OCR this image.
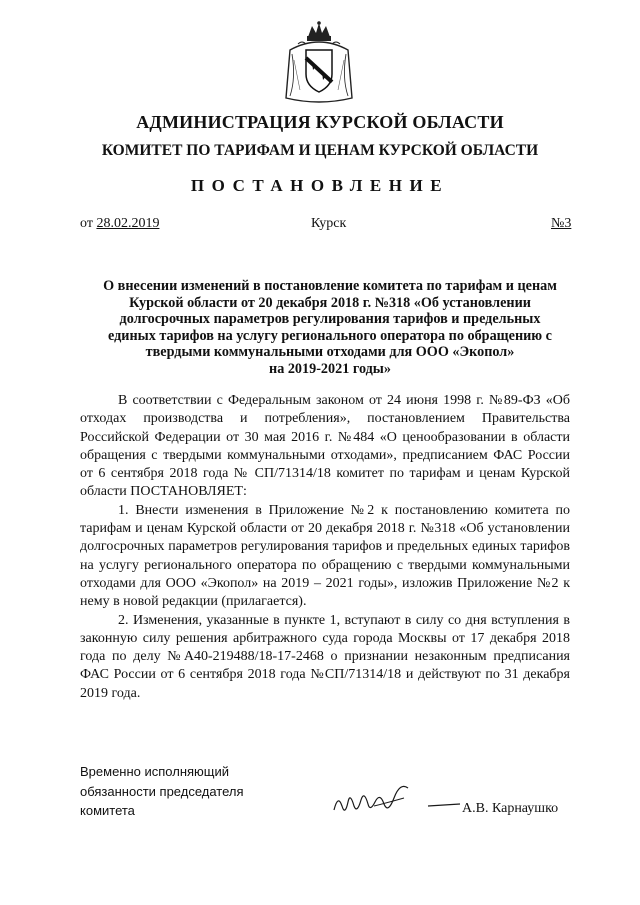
АДМИНИСТРАЦИЯ КУРСКОЙ ОБЛАСТИ
КОМИТЕТ ПО ТАРИФАМ И ЦЕНАМ КУРСКОЙ ОБЛАСТИ
ПОСТАНОВЛЕНИЕ
от 28.02.2019	Курск	№3
О внесении изменений в постановление комитета по тарифам и ценам
Курской области от 20 декабря 2018 г. №318 «Об установлении
долгосрочных параметров регулирования тарифов и предельных
единых тарифов на услугу регионального оператора по обращению с
твердыми коммунальными отходами для ООО «Экопол»
на 2019-2021 годы»

В соответствии с Федеральным законом от 24 июня 1998 г. №89-ФЗ «Об отходах производства и потребления», постановлением Правительства Российской Федерации от 30 мая 2016 г. №484 «О ценообразовании в области обращения с твердыми коммунальными отходами», предписанием ФАС России от 6 сентября 2018 года № СП/71314/18 комитет по тарифам и ценам Курской области ПОСТАНОВЛЯЕТ:

1. Внести изменения в Приложение №2 к постановлению комитета по тарифам и ценам Курской области от 20 декабря 2018 г. №318 «Об установлении долгосрочных параметров регулирования тарифов и предельных единых тарифов на услугу регионального оператора по обращению с твердыми коммунальными отходами для ООО «Экопол» на 2019 – 2021 годы», изложив Приложение №2 к нему в новой редакции (прилагается).

2. Изменения, указанные в пункте 1, вступают в силу со дня вступления в законную силу решения арбитражного суда города Москвы от 17 декабря 2018 года по делу №А40-219488/18-17-2468 о признании незаконным предписания ФАС России от 6 сентября 2018 года №СП/71314/18 и действуют по 31 декабря 2019 года.

Временно исполняющий
обязанности председателя
комитета	А.В. Карнаушко
